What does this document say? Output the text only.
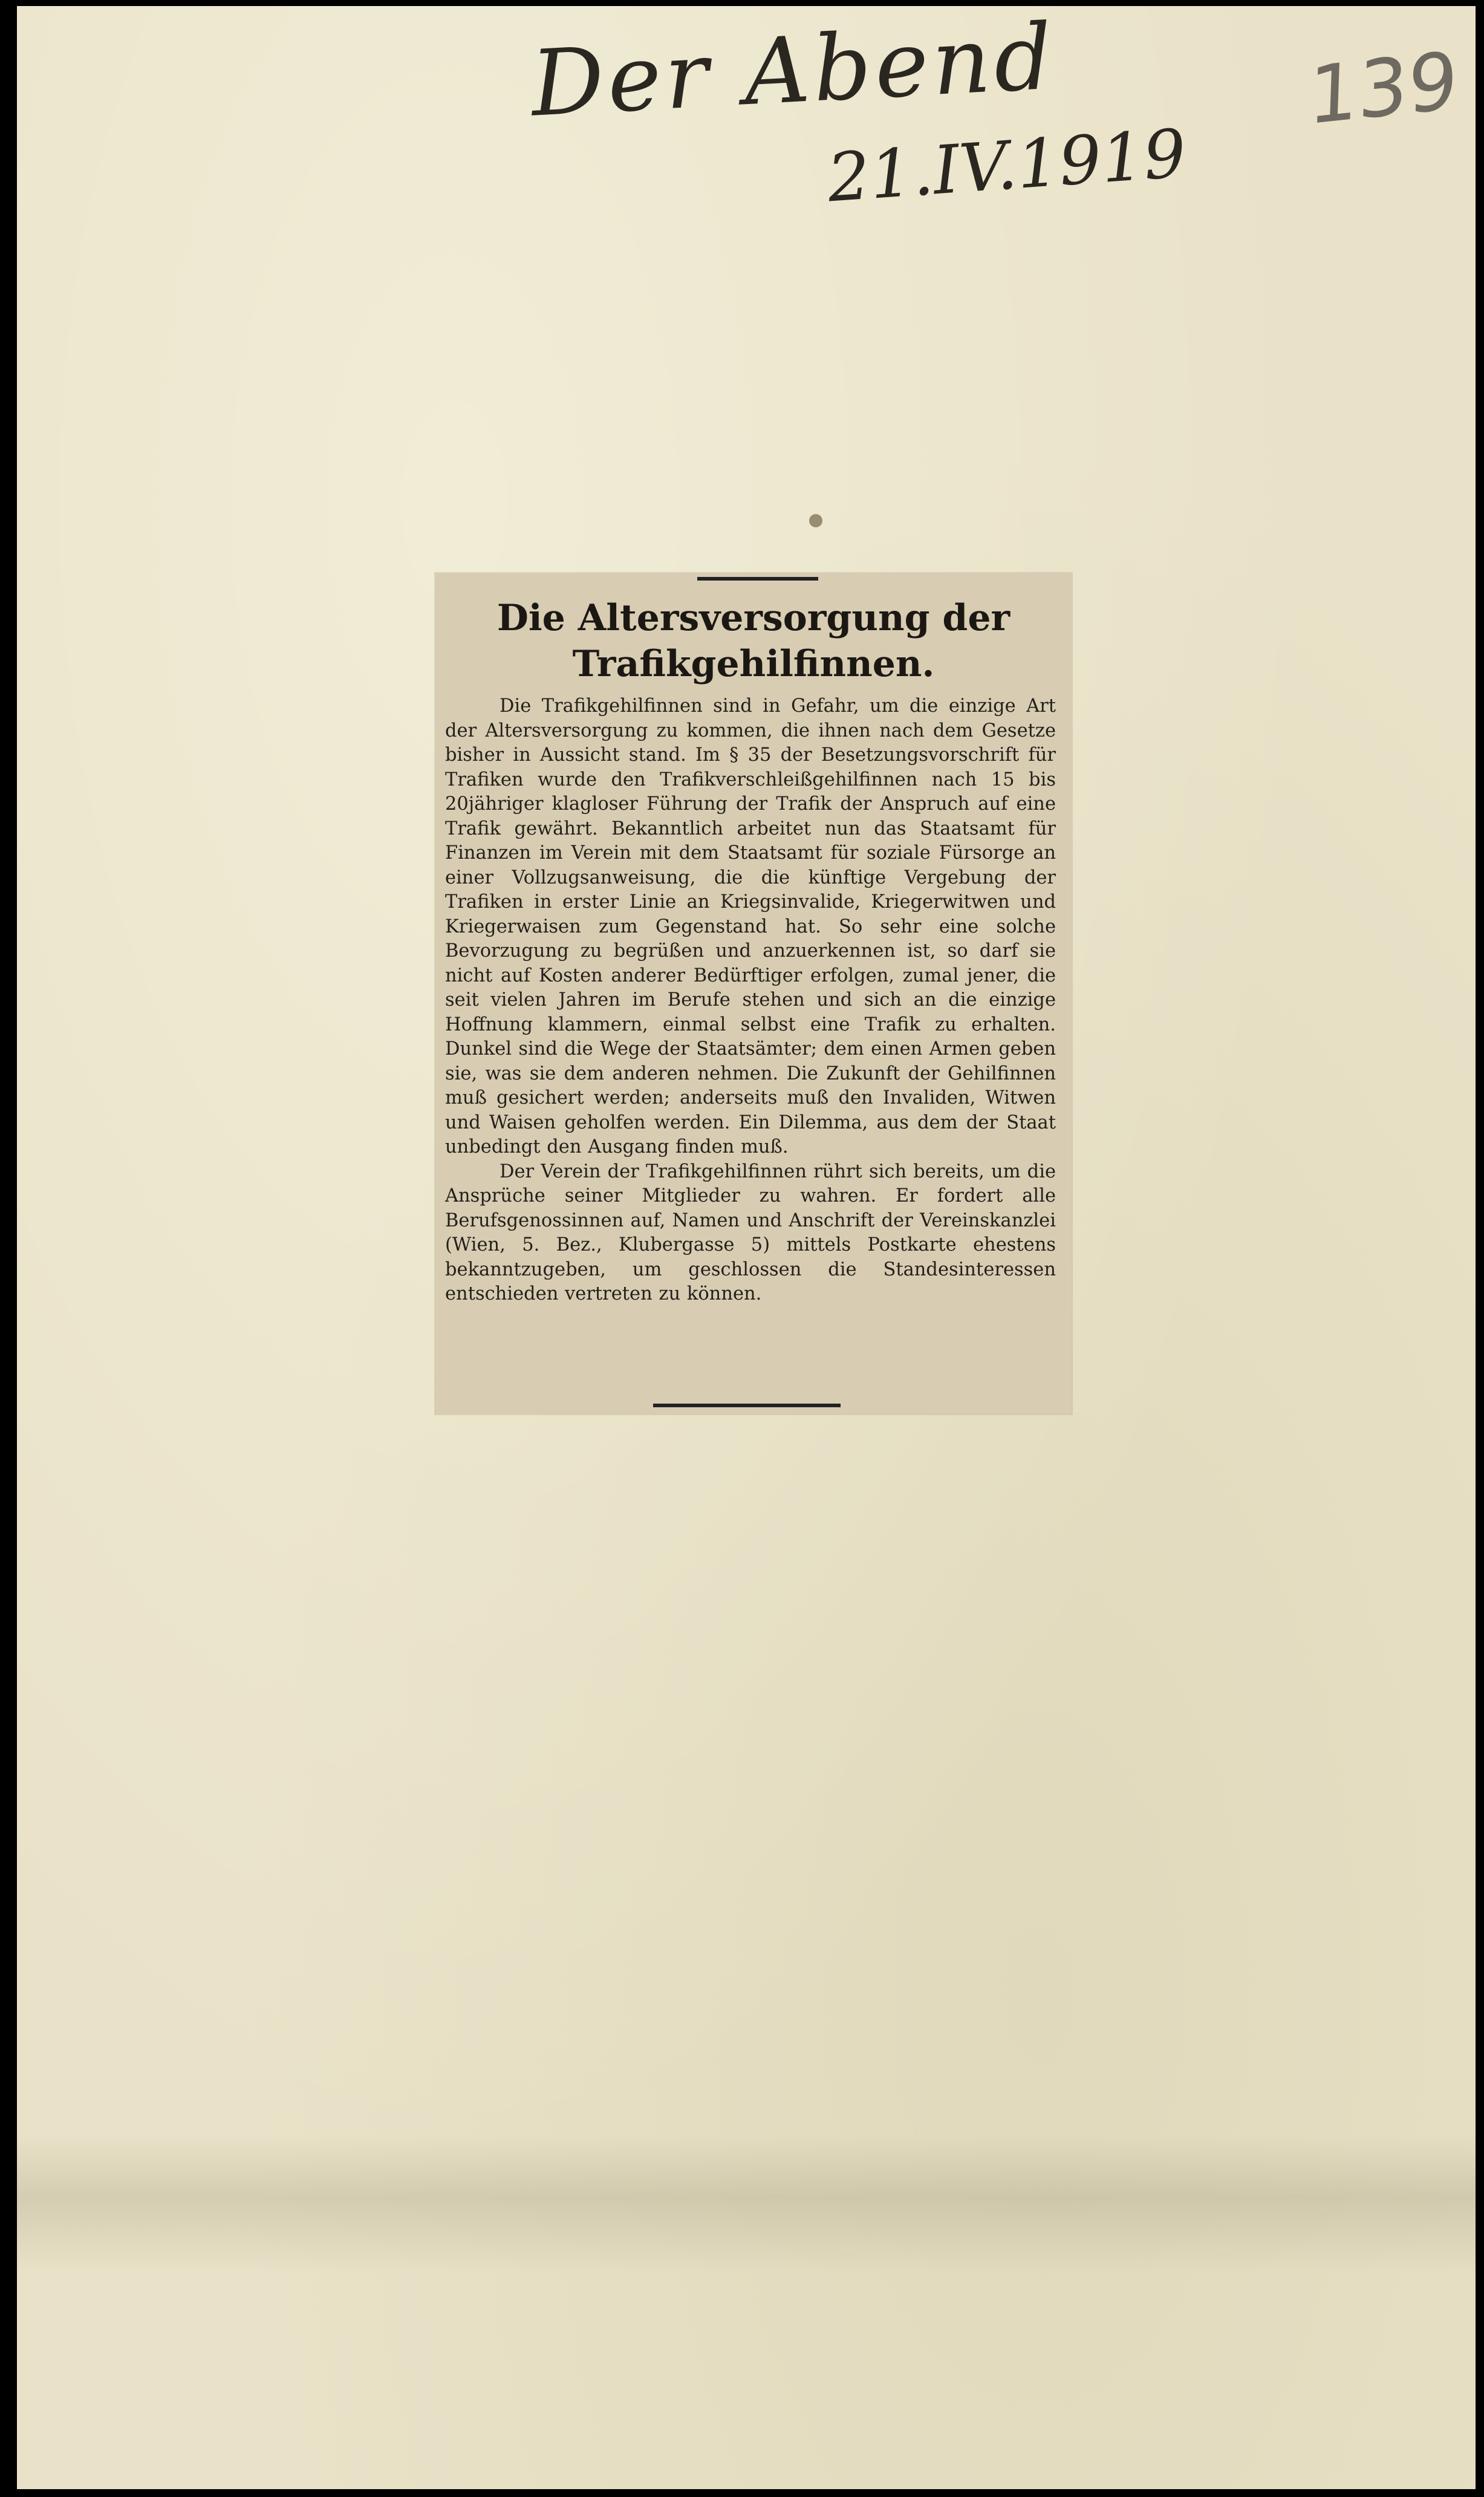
Der Abend
21.IV.1919
139
Die Altersversorgung der Trafikgehilfinnen.

Die Trafikgehilfinnen sind in Gefahr, um die einzige Art der Altersversorgung zu kommen, die ihnen nach dem Gesetze bisher in Aussicht stand. Im § 35 der Besetzungsvorschrift für Trafiken wurde den Trafikverschleißgehilfinnen nach 15 bis 20jähriger klagloser Führung der Trafik der Anspruch auf eine Trafik gewährt. Bekanntlich arbeitet nun das Staatsamt für Finanzen im Verein mit dem Staatsamt für soziale Fürsorge an einer Vollzugsanweisung, die die künftige Vergebung der Trafiken in erster Linie an Kriegsinvalide, Kriegerwitwen und Kriegerwaisen zum Gegenstand hat. So sehr eine solche Bevorzugung zu begrüßen und anzuerkennen ist, so darf sie nicht auf Kosten anderer Bedürftiger erfolgen, zumal jener, die seit vielen Jahren im Berufe stehen und sich an die einzige Hoffnung klammern, einmal selbst eine Trafik zu erhalten. Dunkel sind die Wege der Staatsämter; dem einen Armen geben sie, was sie dem anderen nehmen. Die Zukunft der Gehilfinnen muß gesichert werden; anderseits muß den Invaliden, Witwen und Waisen geholfen werden. Ein Dilemma, aus dem der Staat unbedingt den Ausgang finden muß.

Der Verein der Trafikgehilfinnen rührt sich bereits, um die Ansprüche seiner Mitglieder zu wahren. Er fordert alle Berufsgenossinnen auf, Namen und Anschrift der Vereinskanzlei (Wien, 5. Bez., Klubergasse 5) mittels Postkarte ehestens bekanntzugeben, um geschlossen die Standesinteressen entschieden vertreten zu können.
